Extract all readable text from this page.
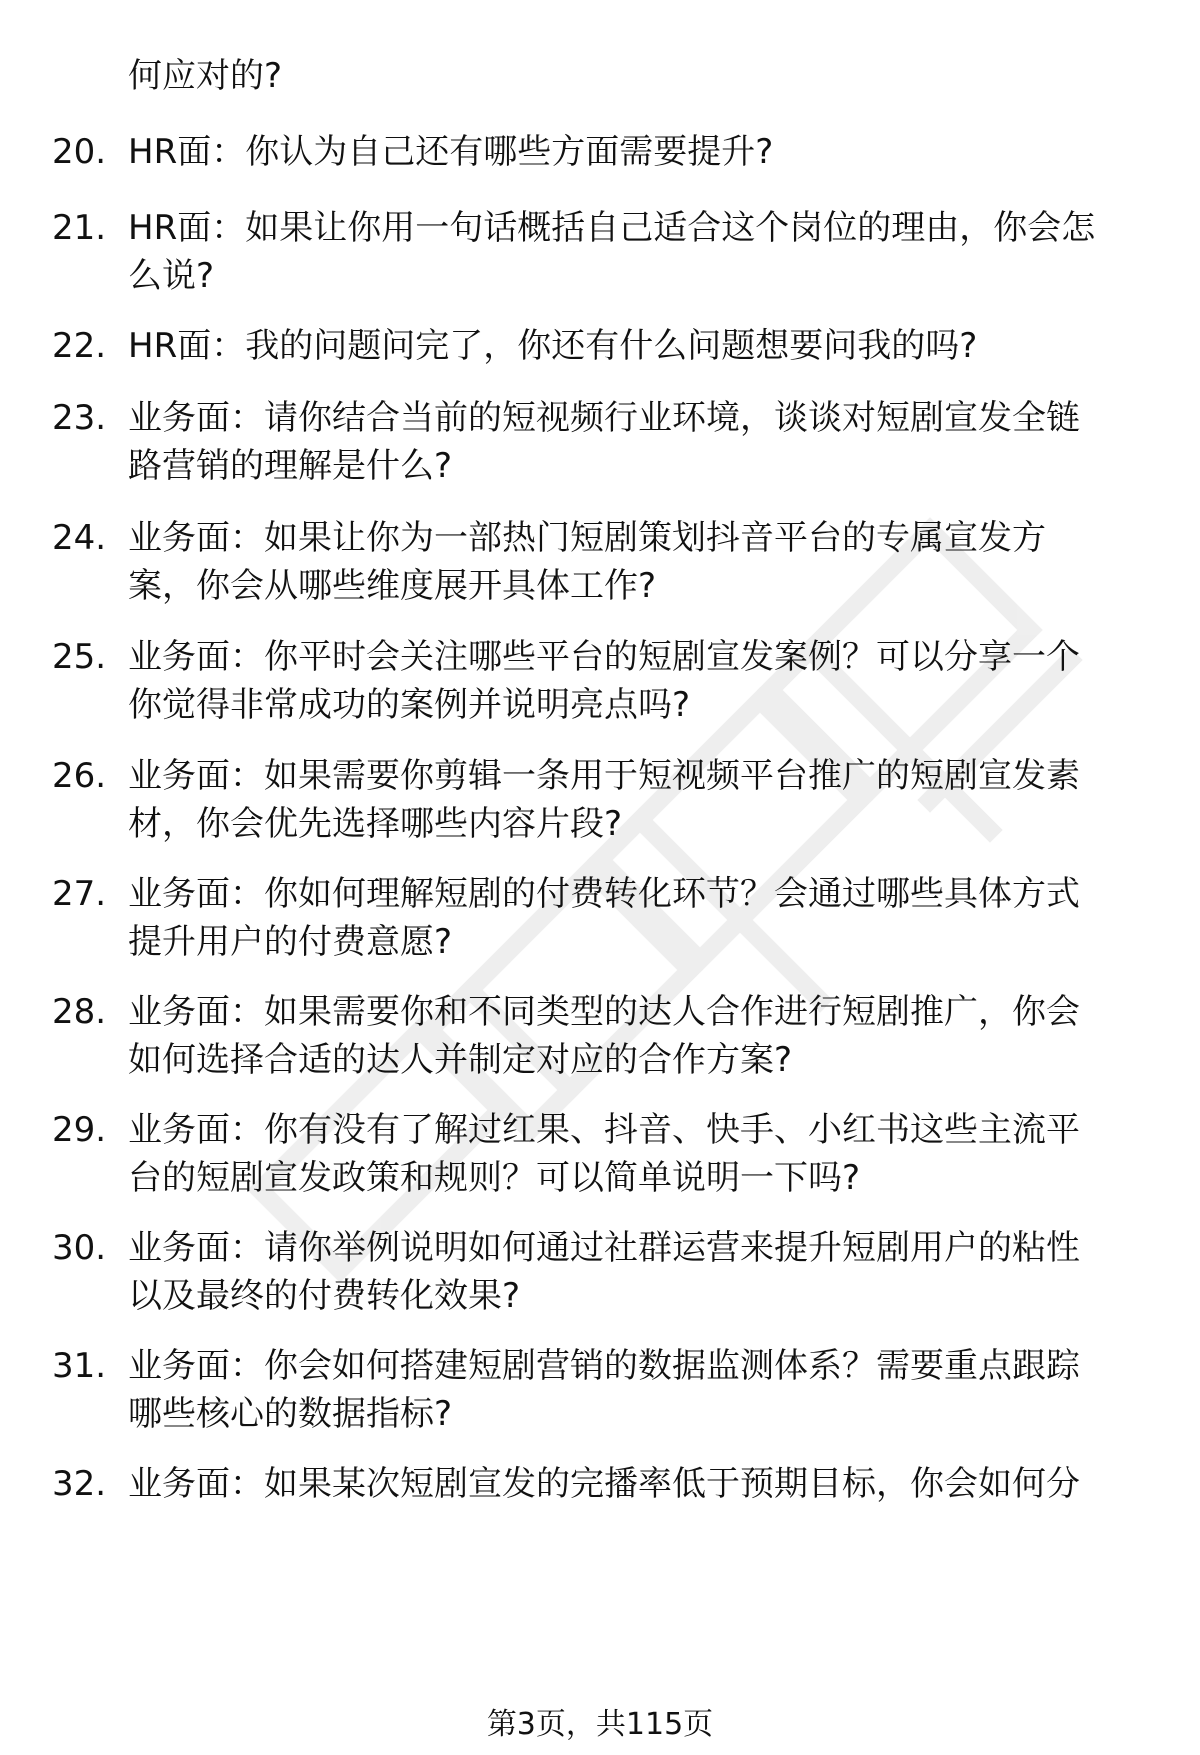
何应对的?
20. HR面：你认为自己还有哪些方面需要提升?
21. HR面：如果让你用一句话概括自己适合这个岗位的理由，你会怎
么说?
22. HR面：我的问题问完了，你还有什么问题想要问我的吗?
23. 业务面：请你结合当前的短视频行业环境，谈谈对短剧宣发全链
路营销的理解是什么?
24. 业务面：如果让你为一部热门短剧策划抖音平台的专属宣发方
案，你会从哪些维度展开具体工作?
25. 业务面：你平时会关注哪些平台的短剧宣发案例？可以分享一个
你觉得非常成功的案例并说明亮点吗?
26. 业务面：如果需要你剪辑一条用于短视频平台推广的短剧宣发素
材，你会优先选择哪些内容片段?
27. 业务面：你如何理解短剧的付费转化环节？会通过哪些具体方式
提升用户的付费意愿?
28. 业务面：如果需要你和不同类型的达人合作进行短剧推广，你会
如何选择合适的达人并制定对应的合作方案?
29. 业务面：你有没有了解过红果、抖音、快手、小红书这些主流平
台的短剧宣发政策和规则？可以简单说明一下吗?
30. 业务面：请你举例说明如何通过社群运营来提升短剧用户的粘性
以及最终的付费转化效果?
31. 业务面：你会如何搭建短剧营销的数据监测体系？需要重点跟踪
哪些核心的数据指标?
32. 业务面：如果某次短剧宣发的完播率低于预期目标，你会如何分
第3页，共115页
